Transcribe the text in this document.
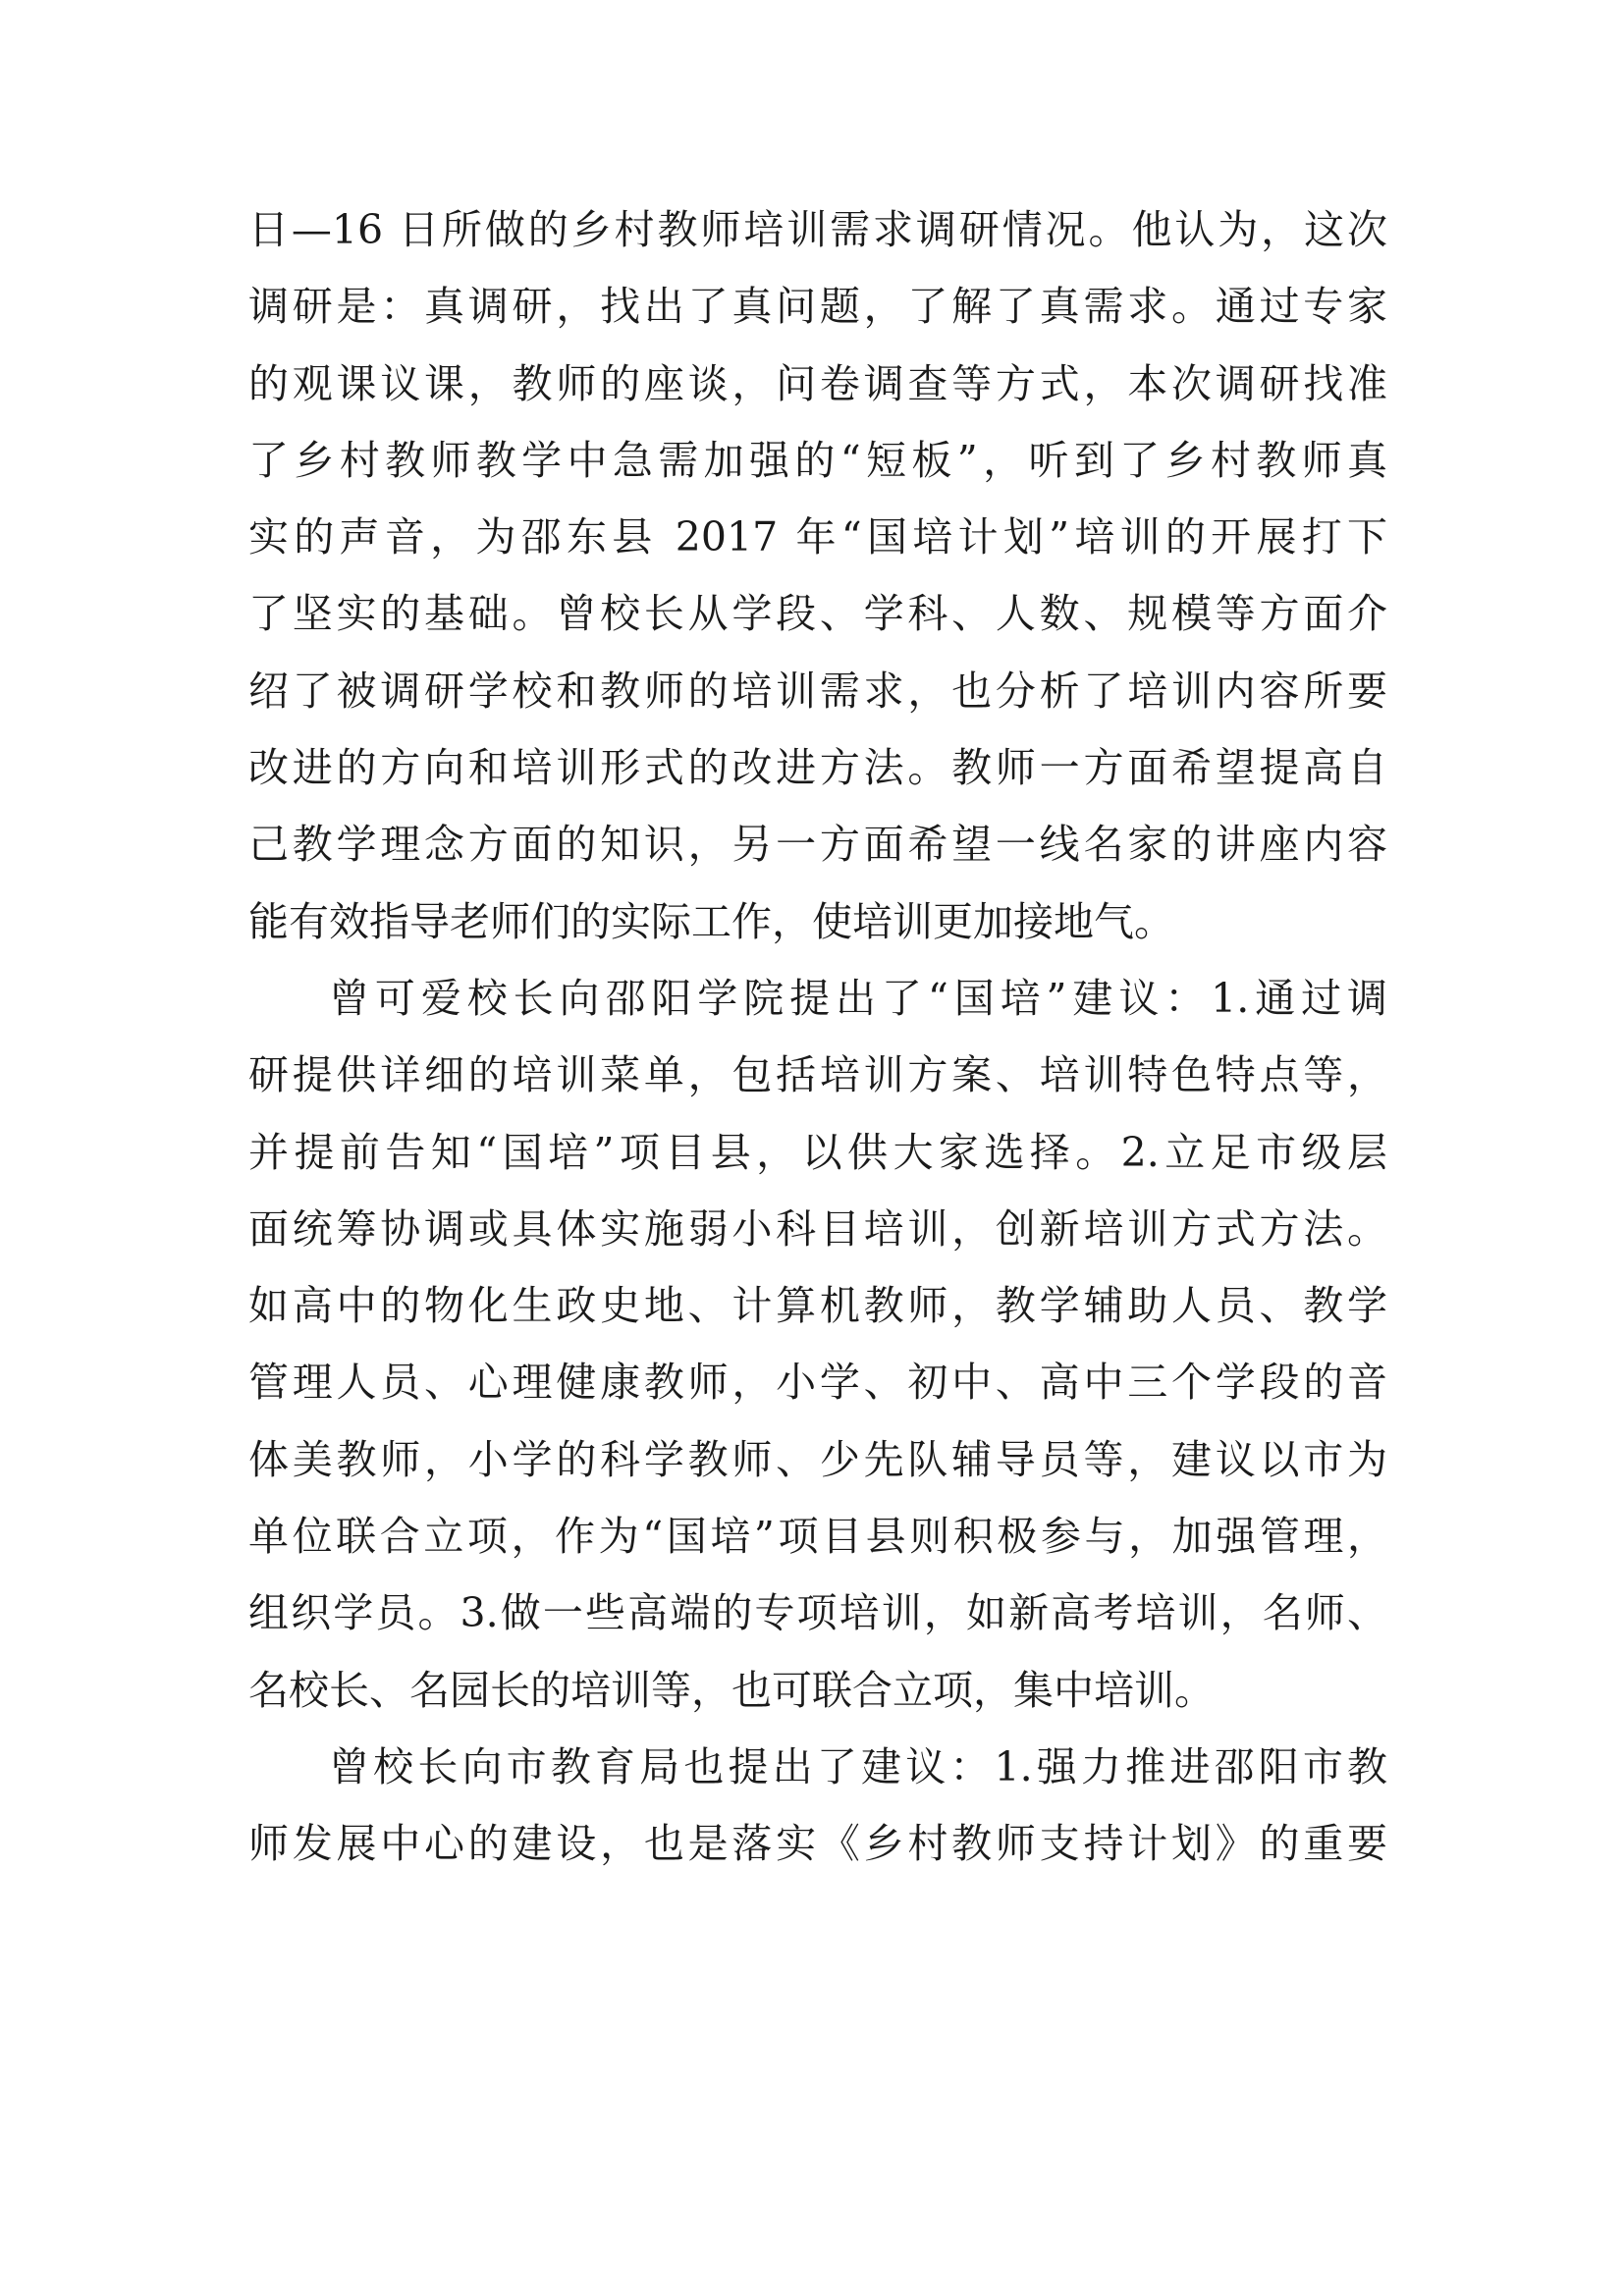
日—16 日所做的乡村教师培训需求调研情况。他认为，这次
调研是：真调研，找出了真问题，了解了真需求。通过专家
的观课议课，教师的座谈，问卷调查等方式，本次调研找准
了乡村教师教学中急需加强的“短板”，听到了乡村教师真
实的声音，为邵东县 2017 年“国培计划”培训的开展打下
了坚实的基础。曾校长从学段、学科、人数、规模等方面介
绍了被调研学校和教师的培训需求，也分析了培训内容所要
改进的方向和培训形式的改进方法。教师一方面希望提高自
己教学理念方面的知识，另一方面希望一线名家的讲座内容
能有效指导老师们的实际工作，使培训更加接地气。
曾可爱校长向邵阳学院提出了“国培”建议：1.通过调
研提供详细的培训菜单，包括培训方案、培训特色特点等，
并提前告知“国培”项目县，以供大家选择。2.立足市级层
面统筹协调或具体实施弱小科目培训，创新培训方式方法。
如高中的物化生政史地、计算机教师，教学辅助人员、教学
管理人员、心理健康教师，小学、初中、高中三个学段的音
体美教师，小学的科学教师、少先队辅导员等，建议以市为
单位联合立项，作为“国培”项目县则积极参与，加强管理，
组织学员。3.做一些高端的专项培训，如新高考培训，名师、
名校长、名园长的培训等，也可联合立项，集中培训。
曾校长向市教育局也提出了建议：1.强力推进邵阳市教
师发展中心的建设，也是落实《乡村教师支持计划》的重要
